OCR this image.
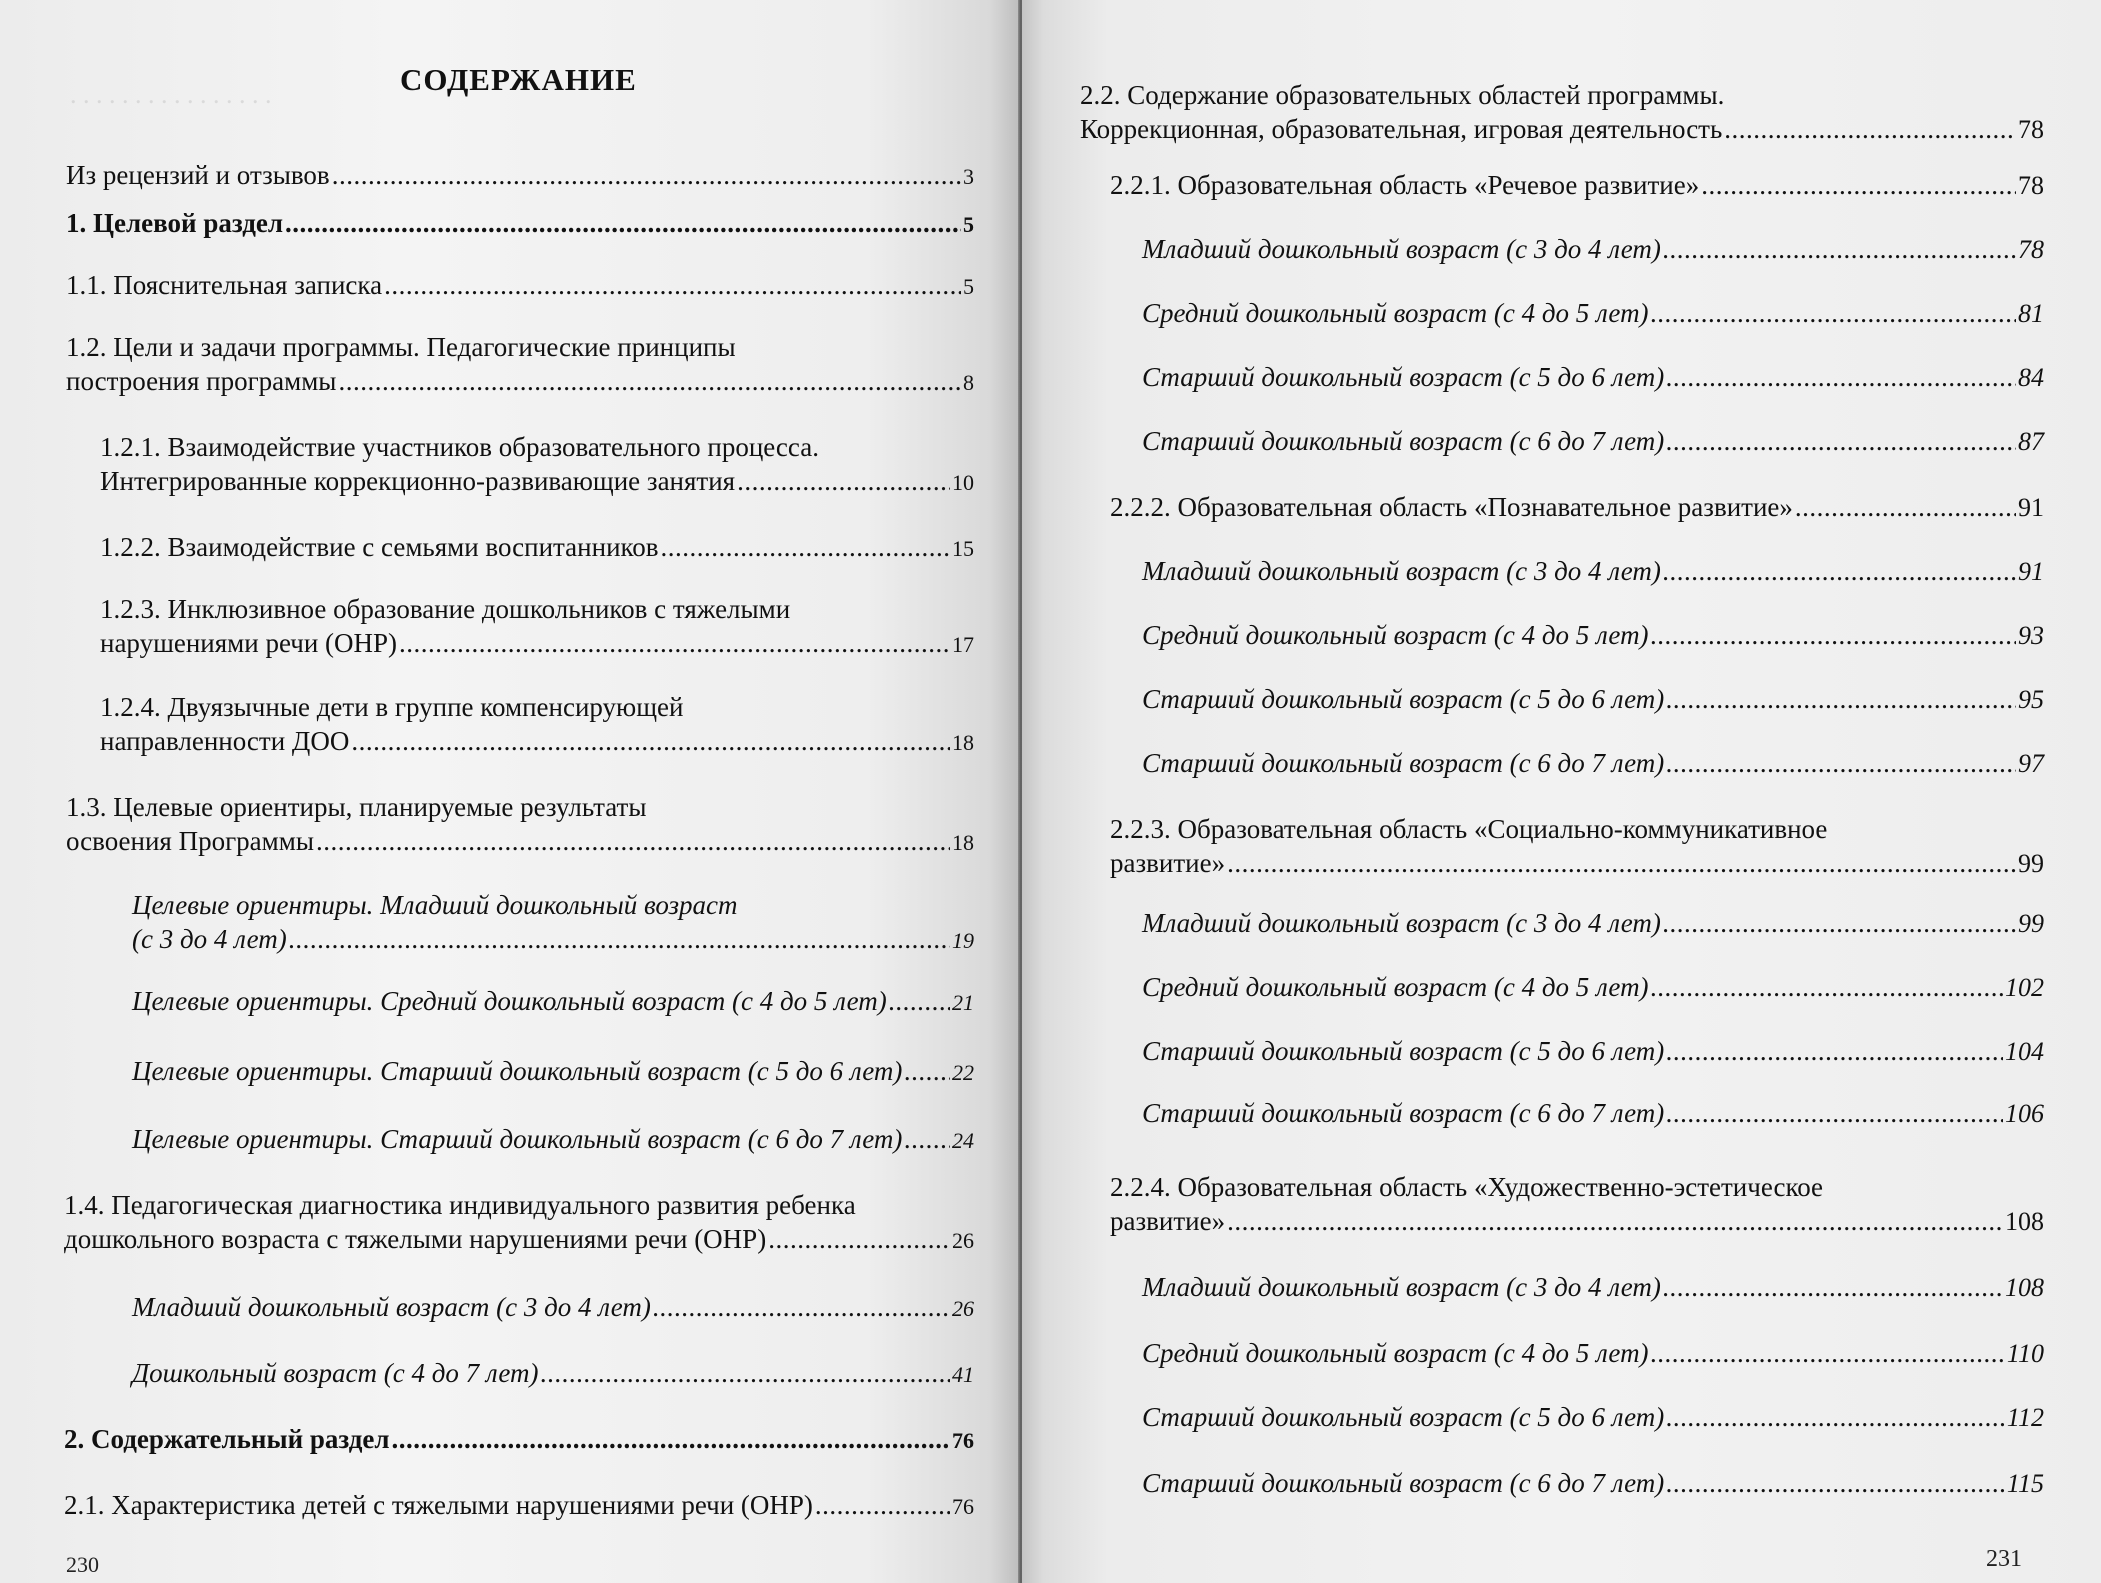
. . . . . . . . . . . . . . . .	СОДЕРЖАНИЕ
Из рецензий и отзывов .....	3
1. Целевой раздел .....	5
1.1. Пояснительная записка .....	5
1.2. Цели и задачи программы. Педагогические принципы
построения программы .....	8
1.2.1. Взаимодействие участников образовательного процесса.
Интегрированные коррекционно-развивающие занятия .....	10
1.2.2. Взаимодействие с семьями воспитанников .....	15
1.2.3. Инклюзивное образование дошкольников с тяжелыми
нарушениями речи (ОНР) .....	17
1.2.4. Двуязычные дети в группе компенсирующей
направленности ДОО .....	18
1.3. Целевые ориентиры, планируемые результаты
освоения Программы .....	18
Целевые ориентиры. Младший дошкольный возраст
(с 3 до 4 лет) .....	19
Целевые ориентиры. Средний дошкольный возраст (с 4 до 5 лет) .....	21
Целевые ориентиры. Старший дошкольный возраст (с 5 до 6 лет) ..... 22
Целевые ориентиры. Старший дошкольный возраст (с 6 до 7 лет) ..... 24
1.4. Педагогическая диагностика индивидуального развития ребенка
дошкольного возраста с тяжелыми нарушениями речи (ОНР) .....	26
Младший дошкольный возраст (с 3 до 4 лет) .....	26
Дошкольный возраст (с 4 до 7 лет) .....	41
2. Содержательный раздел .....	76
2.1. Характеристика детей с тяжелыми нарушениями речи (ОНР) .....	76
230
2.2. Содержание образовательных областей программы.
Коррекционная, образовательная, игровая деятельность .....	78
2.2.1. Образовательная область «Речевое развитие» .....	78
Младший дошкольный возраст (с 3 до 4 лет) .....	78
Средний дошкольный возраст (с 4 до 5 лет) .....	81
Старший дошкольный возраст (с 5 до 6 лет) .....	84
Старший дошкольный возраст (с 6 до 7 лет) .....	87
2.2.2. Образовательная область «Познавательное развитие» .....	91
Младший дошкольный возраст (с 3 до 4 лет) .....	91
Средний дошкольный возраст (с 4 до 5 лет) .....	93
Старший дошкольный возраст (с 5 до 6 лет) .....	95
Старший дошкольный возраст (с 6 до 7 лет) .....	97
2.2.3. Образовательная область «Социально-коммуникативное
развитие» .....	99
Младший дошкольный возраст (с 3 до 4 лет) .....	99
Средний дошкольный возраст (с 4 до 5 лет) .....	102
Старший дошкольный возраст (с 5 до 6 лет) .....	104
Старший дошкольный возраст (с 6 до 7 лет) .....	106
2.2.4. Образовательная область «Художественно-эстетическое
развитие» .....	108
Младший дошкольный возраст (с 3 до 4 лет) .....	108
Средний дошкольный возраст (с 4 до 5 лет) .....	110
Старший дошкольный возраст (с 5 до 6 лет) .....	112
Старший дошкольный возраст (с 6 до 7 лет) .....	115
231
